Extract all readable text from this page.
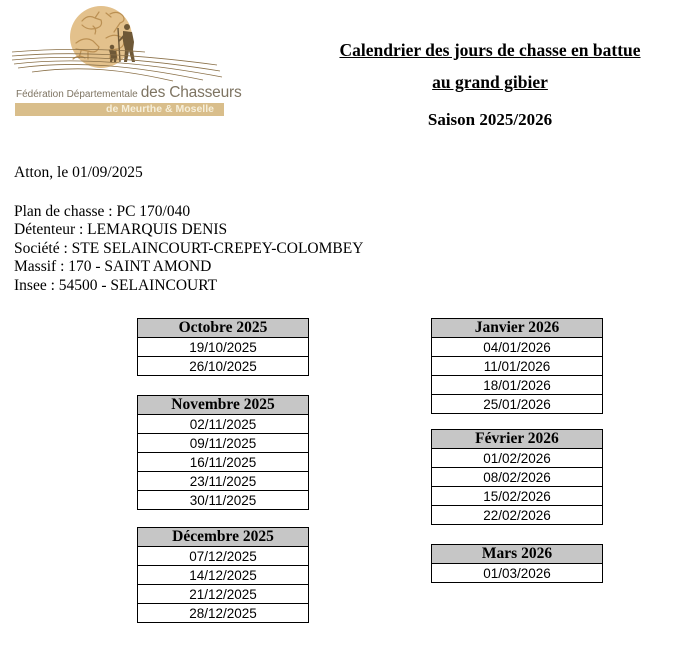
Fédération Départementale des Chasseurs
de Meurthe & Moselle

Calendrier des jours de chasse en battue

au grand gibier

Saison 2025/2026

Atton, le 01/09/2025

Plan de chasse : PC 170/040

Détenteur : LEMARQUIS DENIS

Société : STE SELAINCOURT-CREPEY-COLOMBEY

Massif : 170 - SAINT AMOND

Insee : 54500 - SELAINCOURT

Octobre 2025
19/10/2025
26/10/2025
Novembre 2025
02/11/2025
09/11/2025
16/11/2025
23/11/2025
30/11/2025
Décembre 2025
07/12/2025
14/12/2025
21/12/2025
28/12/2025
Janvier 2026
04/01/2026
11/01/2026
18/01/2026
25/01/2026
Février 2026
01/02/2026
08/02/2026
15/02/2026
22/02/2026
Mars 2026
01/03/2026
